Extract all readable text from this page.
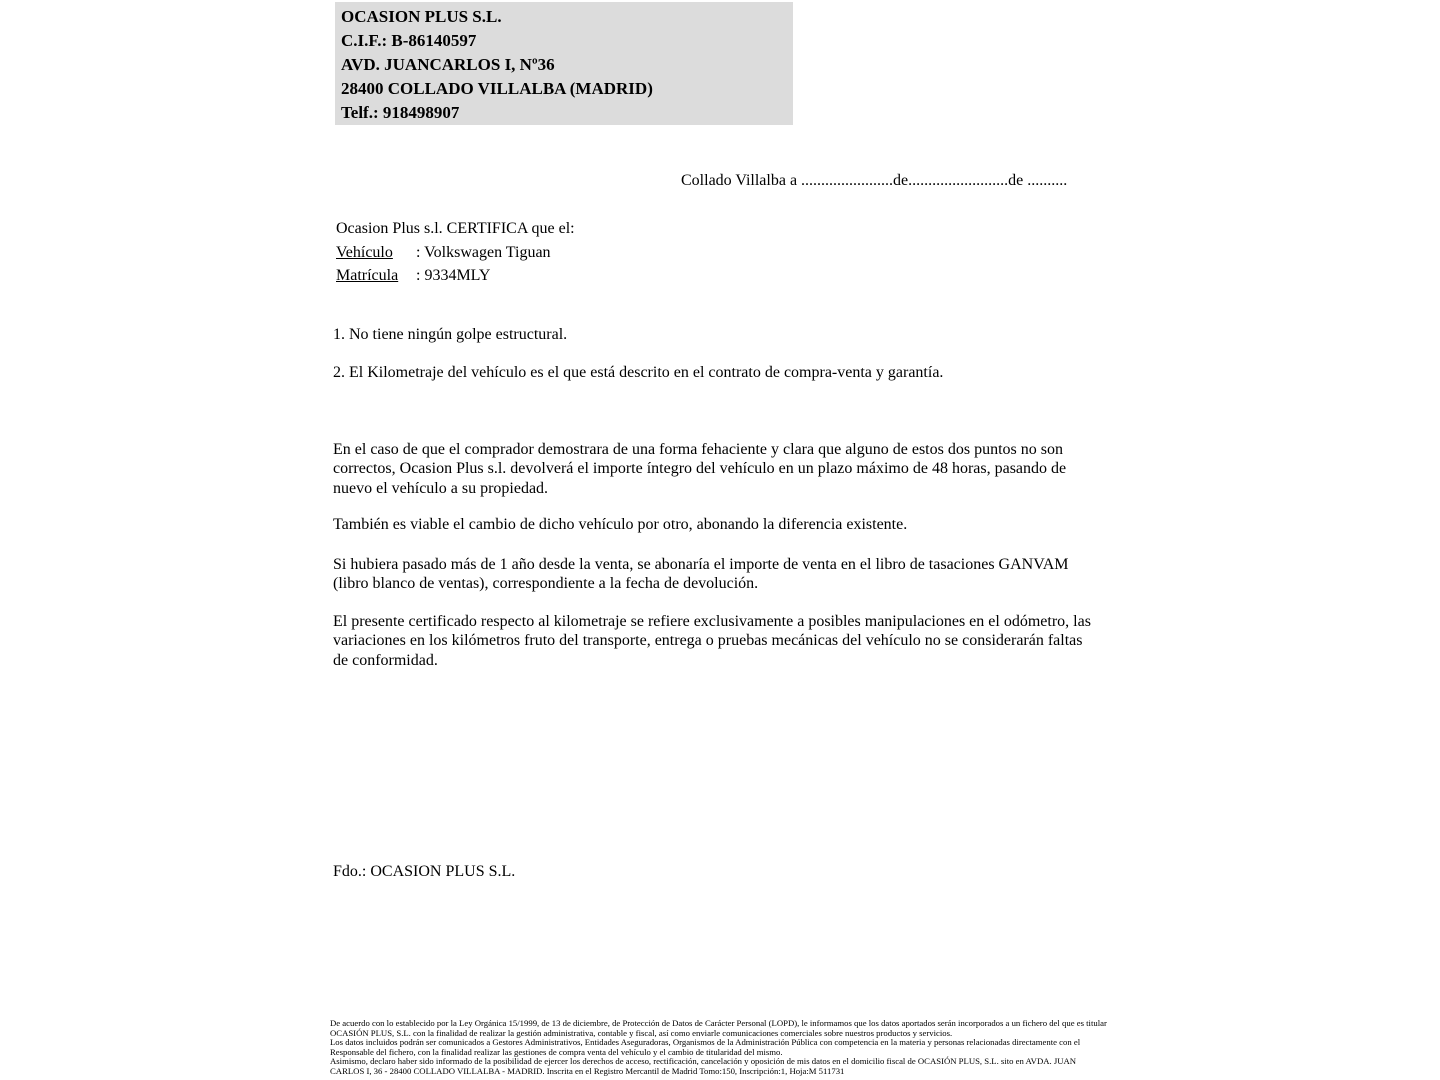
OCASION PLUS S.L.
C.I.F.: B-86140597
AVD. JUANCARLOS I, Nº36
28400 COLLADO VILLALBA (MADRID)
Telf.: 918498907
Collado Villalba a .......................de.........................de ..........
Ocasion Plus s.l. CERTIFICA que el:
Vehículo : Volkswagen Tiguan
Matrícula : 9334MLY

1. No tiene ningún golpe estructural.

2. El Kilometraje del vehículo es el que está descrito en el contrato de compra-venta y garantía.

En el caso de que el comprador demostrara de una forma fehaciente y clara que alguno de estos dos puntos no son correctos, Ocasion Plus s.l. devolverá el importe íntegro del vehículo en un plazo máximo de 48 horas, pasando de nuevo el vehículo a su propiedad.

También es viable el cambio de dicho vehículo por otro, abonando la diferencia existente.

Si hubiera pasado más de 1 año desde la venta, se abonaría el importe de venta en el libro de tasaciones GANVAM (libro blanco de ventas), correspondiente a la fecha de devolución.

El presente certificado respecto al kilometraje se refiere exclusivamente a posibles manipulaciones en el odómetro, las variaciones en los kilómetros fruto del transporte, entrega o pruebas mecánicas del vehículo no se considerarán faltas de conformidad.

Fdo.: OCASION PLUS S.L.
De acuerdo con lo establecido por la Ley Orgánica 15/1999, de 13 de diciembre, de Protección de Datos de Carácter Personal (LOPD), le informamos que los datos aportados serán incorporados a un fichero del que es titular
OCASIÓN PLUS, S.L. con la finalidad de realizar la gestión administrativa, contable y fiscal, así como enviarle comunicaciones comerciales sobre nuestros productos y servicios.
Los datos incluidos podrán ser comunicados a Gestores Administrativos, Entidades Aseguradoras, Organismos de la Administración Pública con competencia en la materia y personas relacionadas directamente con el
Responsable del fichero, con la finalidad realizar las gestiones de compra venta del vehículo y el cambio de titularidad del mismo.
Asimismo, declaro haber sido informado de la posibilidad de ejercer los derechos de acceso, rectificación, cancelación y oposición de mis datos en el domicilio fiscal de OCASIÓN PLUS, S.L. sito en AVDA. JUAN
CARLOS I, 36 - 28400 COLLADO VILLALBA - MADRID. Inscrita en el Registro Mercantil de Madrid Tomo:150, Inscripción:1, Hoja:M 511731
